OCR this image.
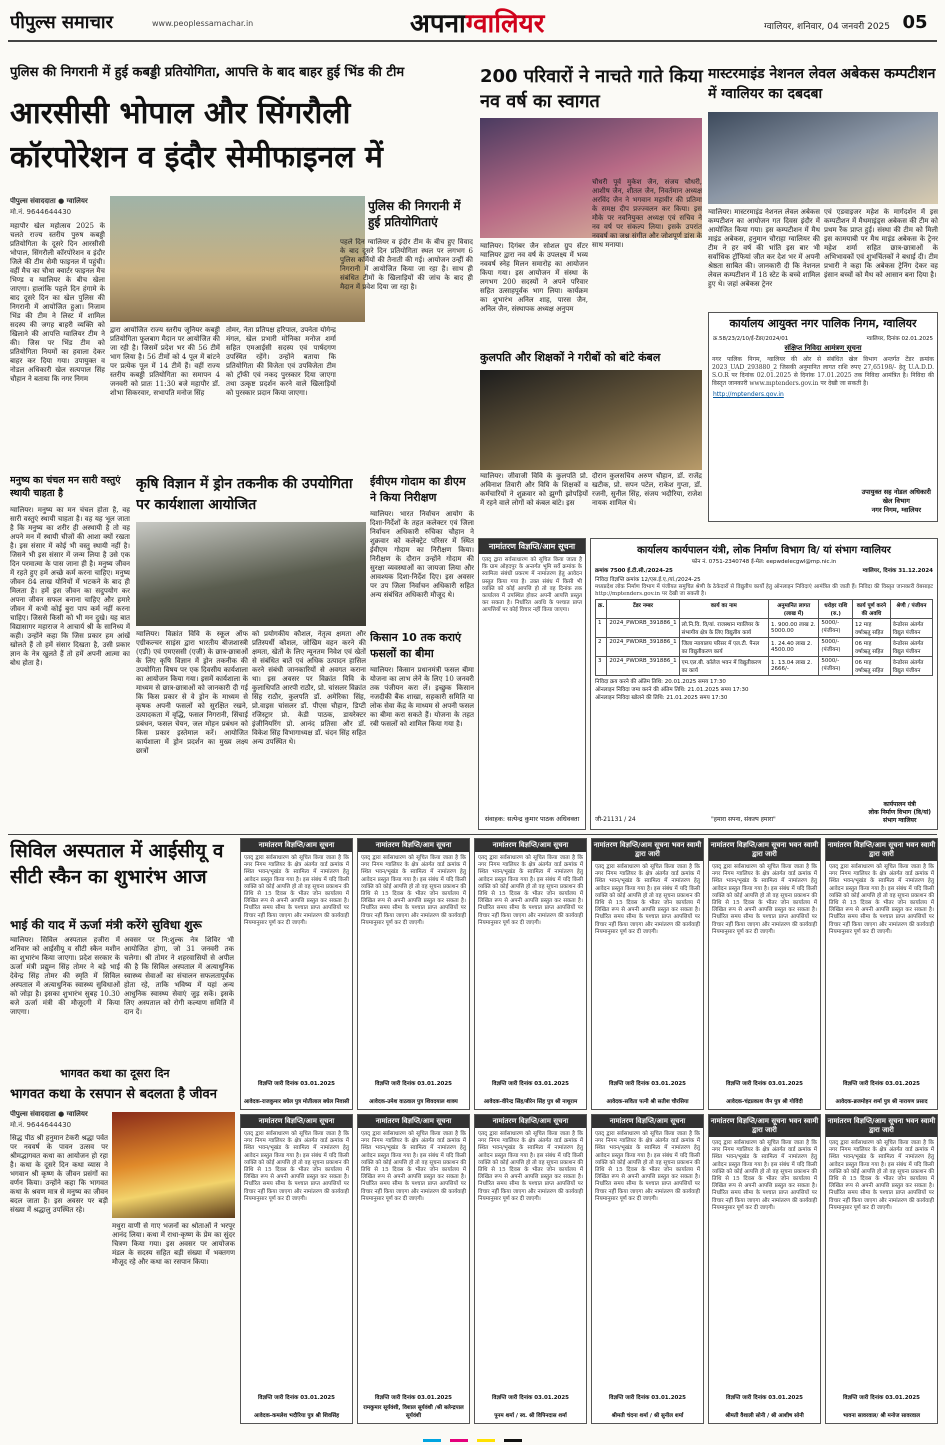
पीपुल्स समाचार	www.peoplessamachar.in	अपनाग्वालियर	ग्वालियर, शनिवार, 04 जनवरी 2025 05
पुलिस की निगरानी में हुई कबड्डी प्रतियोगिता, आपत्ति के बाद बाहर हुई भिंड की टीम
आरसीसी भोपाल और सिंगरौली कॉरपोरेशन व इंदौर सेमीफाइनल में
पीपुल्स संवाददाता ● ग्वालियर
मो.नं. 9644644430	पुलिस की निगरानी में हुई प्रतियोगिताएं
महापौर खेल महोत्सव 2025 के चलते राज्य स्तरीय पुरुष कबड्डी प्रतियोगिता के दूसरे दिन आरसीसी भोपाल, सिंगरौली कॉरपोरेशन व इंदौर जिले की टीम सेमी फाइनल में पहुंची। वहीं मैच का चौथा क्वार्टर फाइनल मैच भिण्ड व ग्वालियर के बीच खेला जाएगा। हालांकि पहले दिन हंगामे के बाद दूसरे दिन का खेल पुलिस की निगरानी में आयोजित हुआ। निजाम भिंड की टीम ने लिस्ट में शामिल सदस्य की जगह बाहरी व्यक्ति को खिलाने की आपत्ति ग्वालियर टीम ने की। जिस पर भिंड टीम को प्रतियोगिता नियमों का हवाला देकर बाहर कर दिया गया। उपायुक्त व नोडल अधिकारी खेल सत्यपाल सिंह चौहान ने बताया कि नगर निगम
द्वारा आयोजित राज्य स्तरीय जूनियर कबड्डी प्रतियोगिता फूलबाग मैदान पर आयोजित की जा रही है। जिसमें प्रदेश भर की 56 टीमें भाग लिया है। 56 टीमों को 4 पूल में बांटने पर प्रत्येक पूल में 14 टीमें हैं। वहीं राज्य स्तरीय कबड्डी प्रतियोगिता का समापन 4 जनवरी को प्रातः 11:30 बजे महापौर डॉ. शोभा सिकरवार, सभापति मनोज सिंह
तोमर, नेता प्रतिपक्ष हरिपाल, उपनेता योगेन्द्र मंगल, खेल प्रभारी मोनिका मनोज शर्मा सहित एमआईसी सदस्य एवं पार्षदगण उपस्थित रहेंगे। उन्होंने बताया कि प्रतियोगिता की विजेता एवं उपविजेता टीम को ट्रॉफी एवं नकद पुरस्कार दिया जाएगा तथा उत्कृष्ट प्रदर्शन करने वाले खिलाड़ियों को पुरस्कार प्रदान किया जाएगा।
पहले दिन ग्वालियर व इंदौर टीम के बीच हुए विवाद के बाद दूसरे दिन प्रतियोगिता स्थल पर लगभग 6 पुलिस कर्मियों की तैनाती की गई। आयोजन उन्हीं की निगरानी में आयोजित किया जा रहा है। साथ ही संबंधित टीमों के खिलाड़ियों की जांच के बाद ही मैदान में प्रवेश दिया जा रहा है।
200 परिवारों ने नाचते गाते किया नव वर्ष का स्वागत
ग्वालियर। दिगंबर जैन सोशल ग्रुप सेंटर ग्वालियर द्वारा नव वर्ष के उपलक्ष्य में भव्य नववर्ष स्नेह मिलन समारोह का आयोजन किया गया। इस आयोजन में संस्था के लगभग 200 सदस्यों ने अपने परिवार सहित उत्साहपूर्वक भाग लिया। कार्यक्रम का शुभारंभ अनिल शाह, पारस जैन, अनिल जैन, संस्थापक अध्यक्ष अनुपम
चौधरी पूर्व मुकेश जैन, संजय चौधरी, आशीष जैन, शीतल जैन, निवर्तमान अध्यक्ष अरविंद जैन ने भगवान महावीर की प्रतिमा के समक्ष दीप प्रज्ज्वलन कर किया। इस मौके पर नवनियुक्त अध्यक्ष एवं सचिव ने नव वर्ष पर संकल्प लिया। इसके उपरांत नववर्ष का जश्न संगीत और जोशपूर्ण डांस के साथ मनाया।
कुलपति और शिक्षकों ने गरीबों को बांटे कंबल
ग्वालियर। जीवाजी विवि के कुलपति प्रो. अविनाश तिवारी और विवि के शिक्षकों व कर्मचारियों ने शुक्रवार को झुग्गी झोपड़ियों में रहने वाले लोगों को कंबल बांटे। इस
दौरान कुलसचिव अरुण चौहान, डॉ. राजेंद्र खटीक, प्रो. सपन पटेल, राकेश गुप्ता, डॉ. रजनी, सुनील सिंह, संजय भदौरिया, राजेश नायक शामिल थे।
मास्टरमाइंड नेशनल लेवल अबेकस कम्पटीशन में ग्वालियर का दबदबा
ग्वालियर। मास्टरमाइंड नेशनल लेवल अबेकस कम्पटीशन का आयोजन गत दिवस इंदौर में आयोजित किया गया। इस कम्पटीशन में मैथ माइंड अबेकस, हनुमान चौराहा ग्वालियर की टीम ने हर वर्ष की भांति इस बार भी सर्वाधिक ट्रॉफियां जीत कर देश भर में अपनी श्रेष्ठता साबित की। जानकारी दी कि नेशनल लेवल कम्पटीशन में 18 स्टेट के बच्चे शामिल हुए थे। जहां अबेकस ट्रेनर
एवं एडवाइजर महेश के मार्गदर्शन में इस कम्पटीशन में मैथमाइंड्स अबेकस की टीम को प्रथम रैंक प्राप्त हुई। संस्था की टीम को मिली इस कामयाबी पर मैथ माइंड अबेकस के ट्रेनर महेश शर्मा सहित छात्र-छात्राओं के अभिभावकों एवं शुभचिंतकों ने बधाई दी। टीम प्रभारी ने कहा कि अबेकस ट्रेनिंग देकर वह इंसान बच्चों को मैथ को आसान बना दिया है।
कार्यालय आयुक्त नगर पालिक निगम, ग्वालियर
क्र.58/23/2/10/ई-टेंडर/2024/01	ग्वालियर, दिनांक 02.01.2025
संक्षिप्त निविदा आमंत्रण सूचना
नगर पालिक निगम, ग्वालियर की ओर से संबंधित खेल विभाग अन्तर्गत टेंडर क्रमांक 2023_UAD_293880_2 जिसकी अनुमानित लागत राशि रुपए 27,65198/- हेतु U.A.D.D. S.O.R पर दिनांक 02.01.2025 से दिनांक 17.01.2025 तक निविदा आमंत्रित है। निविदा की विस्तृत जानकारी www.mptenders.gov.in पर देखी जा सकती है।
http://mptenders.gov.in
उपायुक्त सह नोडल अधिकारी
खेल विभाग
नगर निगम, ग्वालियर
मनुष्य का चंचल मन सारी वस्तुएं स्थायी चाहता है
ग्वालियर। मनुष्य का मन चंचल होता है, वह सारी वस्तुएं स्थायी चाहता है। वह यह भूल जाता है कि मनुष्य का शरीर ही अस्थायी है तो वह अपने मन में स्थायी चीजों की आशा क्यों रखता है। इस संसार में कोई भी वस्तु स्थायी नहीं है। जिसने भी इस संसार में जन्म लिया है उसे एक दिन परमात्मा के पास जाना ही है। मनुष्य जीवन में रहते हुए हमें अच्छे कर्म करना चाहिए। मनुष्य जीवन 84 लाख योनियों में भटकने के बाद ही मिलता है। हमें इस जीवन का सदुपयोग कर अपना जीवन सफल बनाना चाहिए और हमारे जीवन में कभी कोई बुरा पाप कर्म नहीं करना चाहिए। जिससे किसी को भी मन दुखे। यह बात विद्यासागर महाराज ने आचार्य श्री के सानिध्य में कही। उन्होंने कहा कि जिस प्रकार हम आंखें खोलते हैं तो हमें संसार दिखता है, उसी प्रकार ज्ञान के नेत्र खुलते हैं तो हमें अपनी आत्मा का बोध होता है।
कृषि विज्ञान में ड्रोन तकनीक की उपयोगिता पर कार्यशाला आयोजित
ग्वालियर। विक्रांत विवि के स्कूल ऑफ एग्रीकल्चर साइंस द्वारा भारतीय बीजशास्त्री (एडी) एवं एमएससी (एजी) के छात्र-छात्राओं के लिए कृषि विज्ञान में ड्रोन तकनीक की उपयोगिता विषय पर एक दिवसीय कार्यशाला का आयोजन किया गया। इसमें कार्यशाला के माध्यम से छात्र-छात्राओं को जानकारी दी गई कि किस प्रकार से वे ड्रोन के माध्यम से कृषक अपनी फसलों को सुरक्षित रखने, उत्पादकता में वृद्धि, फसल निगरानी, सिंचाई प्रबंधन, फसल चेयन, जल मोहन प्रबंधन को किस प्रकार इस्तेमाल करें। आयोजित कार्यशाला में ड्रोन प्रदर्शन का मुख्य लक्ष्य छात्रों
को प्रयोगकीय कौशल, नेतृत्व क्षमता और प्रतिस्पर्धी कौशल, जोखिम वहन करने की क्षमता, खेतों के लिए न्यूनतम निवेश एवं खेतों से संबंधित बातें एवं अधिक उत्पादन हासिल करने संबंधी जानकारियों से अवगत कराना था। इस अवसर पर विक्रांत विवि के कुलाधिपति आरपी राठौर, प्रो. चांसलर विक्रांत सिंह राठौर, कुलपति डॉ. अमेरिका सिंह, प्रो.वाइस चांसलर डॉ. पीएस चौहान, डिप्टी रजिस्ट्रार प्रो. केडी पाठक, डायरेक्टर इंजीनियरिंग प्रो. आनंद प्रतिसा और डॉ. विकेश सिंह विभागाध्यक्ष डॉ. चंदन सिंह सहित अन्य उपस्थित थे।
ईवीएम गोदाम का डीएम ने किया निरीक्षण
ग्वालियर। भारत निर्वाचन आयोग के दिशा-निर्देशों के तहत कलेक्टर एवं जिला निर्वाचन अधिकारी रुचिका चौहान ने शुक्रवार को कलेक्ट्रेट परिसर में स्थित ईवीएम गोदाम का निरीक्षण किया। निरीक्षण के दौरान उन्होंने गोदाम की सुरक्षा व्यवस्थाओं का जायजा लिया और आवश्यक दिशा-निर्देश दिए। इस अवसर पर उप जिला निर्वाचन अधिकारी सहित अन्य संबंधित अधिकारी मौजूद थे।
किसान 10 तक कराएं फसलों का बीमा
ग्वालियर। किसान प्रधानमंत्री फसल बीमा योजना का लाभ लेने के लिए 10 जनवरी तक पंजीयन करा लें। इच्छुक किसान नजदीकी बैंक शाखा, सहकारी समिति या लोक सेवा केंद्र के माध्यम से अपनी फसल का बीमा करा सकते हैं। योजना के तहत रबी फसलों को शामिल किया गया है।
नामांतरण विज्ञप्ति/आम सूचना
एतद् द्वारा सर्वसाधारण को सूचित किया जाता है कि ग्राम ओहदपुर के अन्तर्गत भूमि सर्वे क्रमांक के स्वामित्व संबंधी प्रकरण में नामांतरण हेतु आवेदन प्रस्तुत किया गया है। उक्त संबंध में किसी भी व्यक्ति को कोई आपत्ति हो तो वह दिनांक तक कार्यालय में उपस्थित होकर अपनी आपत्ति प्रस्तुत कर सकता है। निर्धारित अवधि के पश्चात प्राप्त आपत्तियों पर कोई विचार नहीं किया जाएगा।
संवाहक: सत्येन्द्र कुमार पाठक अधिवक्ता
कार्यालय कार्यपालन यंत्री, लोक निर्माण विभाग वि/ यां संभाग ग्वालियर
फोन नं. 0751-2340748 ई-मेल: eepwdelecgwl@mp.nic.in
क्रमांक 7500 ई.टी.सी./2024-25	ग्वालियर, दिनांक 31.12.2024
निविदा विज्ञप्ति क्रमांक 12/एस.ई.ए./यां./2024-25
मध्यप्रदेश लोक निर्माण विभाग में पंजीयत समुचित श्रेणी के ठेकेदारों से विद्युतीय कार्यों हेतु ऑनलाइन निविदाएं आमंत्रित की जाती हैं। निविदा की विस्तृत जानकारी वेबसाइट http://mptenders.gov.in पर देखी जा सकती है।
क्र.	टेंडर नम्बर	कार्य का नाम	अनुमानित लागत (लाख में)	धरोहर राशि (रु.)	कार्य पूर्ण करने की अवधि	श्रेणी / पंजीयन
1	2024_PWDRB_391886_1	लो.नि.वि. वि/यां. राजस्थान ग्वालियर के संभागीय क्षेत्र के लिए विद्युतीय कार्य	1. 900.00 लाख 2. 5000.00	5000/- (पंजीयन)	12 माह वर्षाऋतु सहित	वेन्डोरस अंतर्गत विद्युत पंजीयन
2	2024_PWDRB_391886_1	जिला न्यायालय परिसर में एल.टी. पैनल का विद्युतीकरण कार्य	1. 24.40 लाख 2. 4500.00	5000/- (पंजीयन)	06 माह वर्षाऋतु सहित	वेन्डोरस अंतर्गत विद्युत पंजीयन
3	2024_PWDRB_391886_1	एम.एल.बी. कॉलेज भवन में विद्युतीकरण का कार्य	1. 13.04 लाख 2. 2666/-	5000/- (पंजीयन)	06 माह वर्षाऋतु सहित	वेन्डोरस अंतर्गत विद्युत पंजीयन
निविदा क्रय करने की अंतिम तिथि: 20.01.2025 समय 17:30
ऑनलाइन निविदा जमा करने की अंतिम तिथि: 21.01.2025 समय 17:30
ऑनलाइन निविदा खोलने की तिथि: 21.01.2025 समय 17:30
जी-21131 / 24	"हमारा सपना, संकल्प हमारा"
कार्यपालन यंत्री
लोक निर्माण विभाग (वि/यां)
संभाग ग्वालियर
सिविल अस्पताल में आईसीयू व सीटी स्कैन का शुभारंभ आज
भाई की याद में ऊर्जा मंत्री करेंगे सुविधा शुरू
ग्वालियर। सिविल अस्पताल हजीरा में शनिवार को आईसीयू व सीटी स्कैन मशीन का शुभारंभ किया जाएगा। प्रदेश सरकार के ऊर्जा मंत्री प्रद्युम्न सिंह तोमर ने बड़े भाई देवेन्द्र सिंह तोमर की स्मृति में सिविल अस्पताल में अत्याधुनिक स्वास्थ्य सुविधाओं को जोड़ा है। इसका शुभारंभ सुबह 10.30 बजे ऊर्जा मंत्री की मौजूदगी में किया जाएगा।
अवसर पर नि:शुल्क नेत्र शिविर भी आयोजित होगा, जो 31 जनवरी तक चलेगा। श्री तोमर ने शहरवासियों से अपील की है कि सिविल अस्पताल में अत्याधुनिक स्वास्थ्य सेवाओं का संचालन सफलतापूर्वक होता रहे, ताकि भविष्य में यहां अन्य आधुनिक स्वास्थ्य सेवाएं जुड़ सकें। इसके लिए अस्पताल को रोगी कल्याण समिति में दान दें।
भागवत कथा का दूसरा दिन
भागवत कथा के रसपान से बदलता है जीवन
पीपुल्स संवाददाता ● ग्वालियर
मो.नं. 9644644430
सिद्ध पीठ श्री हनुमान टेकरी श्रद्धा पर्वत पर नववर्ष के पावन उत्सव पर श्रीमद्भागवत कथा का आयोजन हो रहा है। कथा के दूसरे दिन कथा व्यास ने भगवान श्री कृष्ण के जीवन प्रसंगों का वर्णन किया। उन्होंने कहा कि भागवत कथा के श्रवण मात्र से मनुष्य का जीवन बदल जाता है। इस अवसर पर बड़ी संख्या में श्रद्धालु उपस्थित रहे।
मथुरा वाणी से गाए भजनों का श्रोताओं ने भरपूर आनंद लिया। कथा में राधा-कृष्ण के प्रेम का सुंदर चित्रण किया गया। इस अवसर पर आयोजक मंडल के सदस्य सहित बड़ी संख्या में भक्तगण मौजूद रहे और कथा का रसपान किया।
नामांतरण विज्ञप्ति/आम सूचना
एतद् द्वारा सर्वसाधारण को सूचित किया जाता है कि नगर निगम ग्वालियर के क्षेत्र अंतर्गत वार्ड क्रमांक में स्थित भवन/भूखंड के स्वामित्व में नामांतरण हेतु आवेदन प्रस्तुत किया गया है। इस संबंध में यदि किसी व्यक्ति को कोई आपत्ति हो तो वह सूचना प्रकाशन की तिथि से 15 दिवस के भीतर जोन कार्यालय में लिखित रूप से अपनी आपत्ति प्रस्तुत कर सकता है। निर्धारित समय सीमा के पश्चात प्राप्त आपत्तियों पर विचार नहीं किया जाएगा और नामांतरण की कार्यवाही नियमानुसार पूर्ण कर दी जाएगी।
विज्ञप्ति जारी दिनांक 03.01.2025
आवेदक-राजकुमार बघेल पुत्र मोतीलाल बघेल निवासी
नामांतरण विज्ञप्ति/आम सूचना
एतद् द्वारा सर्वसाधारण को सूचित किया जाता है कि नगर निगम ग्वालियर के क्षेत्र अंतर्गत वार्ड क्रमांक में स्थित भवन/भूखंड के स्वामित्व में नामांतरण हेतु आवेदन प्रस्तुत किया गया है। इस संबंध में यदि किसी व्यक्ति को कोई आपत्ति हो तो वह सूचना प्रकाशन की तिथि से 15 दिवस के भीतर जोन कार्यालय में लिखित रूप से अपनी आपत्ति प्रस्तुत कर सकता है। निर्धारित समय सीमा के पश्चात प्राप्त आपत्तियों पर विचार नहीं किया जाएगा और नामांतरण की कार्यवाही नियमानुसार पूर्ण कर दी जाएगी।
विज्ञप्ति जारी दिनांक 03.01.2025
आवेदक-उमेश वाठवाल पुत्र शिवदयाल शाक्य
नामांतरण विज्ञप्ति/आम सूचना
एतद् द्वारा सर्वसाधारण को सूचित किया जाता है कि नगर निगम ग्वालियर के क्षेत्र अंतर्गत वार्ड क्रमांक में स्थित भवन/भूखंड के स्वामित्व में नामांतरण हेतु आवेदन प्रस्तुत किया गया है। इस संबंध में यदि किसी व्यक्ति को कोई आपत्ति हो तो वह सूचना प्रकाशन की तिथि से 15 दिवस के भीतर जोन कार्यालय में लिखित रूप से अपनी आपत्ति प्रस्तुत कर सकता है। निर्धारित समय सीमा के पश्चात प्राप्त आपत्तियों पर विचार नहीं किया जाएगा और नामांतरण की कार्यवाही नियमानुसार पूर्ण कर दी जाएगी।
विज्ञप्ति जारी दिनांक 03.01.2025
आवेदक-वीरेन्द्र सिंह/बीरेन सिंह पुत्र श्री नाथूराम
नामांतरण विज्ञप्ति/आम सूचना भवन स्वामी द्वारा जारी
एतद् द्वारा सर्वसाधारण को सूचित किया जाता है कि नगर निगम ग्वालियर के क्षेत्र अंतर्गत वार्ड क्रमांक में स्थित भवन/भूखंड के स्वामित्व में नामांतरण हेतु आवेदन प्रस्तुत किया गया है। इस संबंध में यदि किसी व्यक्ति को कोई आपत्ति हो तो वह सूचना प्रकाशन की तिथि से 15 दिवस के भीतर जोन कार्यालय में लिखित रूप से अपनी आपत्ति प्रस्तुत कर सकता है। निर्धारित समय सीमा के पश्चात प्राप्त आपत्तियों पर विचार नहीं किया जाएगा और नामांतरण की कार्यवाही नियमानुसार पूर्ण कर दी जाएगी।
विज्ञप्ति जारी दिनांक 03.01.2025
आवेदक-सविता पत्नी श्री सतीश चौरसिया
नामांतरण विज्ञप्ति/आम सूचना भवन स्वामी द्वारा जारी
एतद् द्वारा सर्वसाधारण को सूचित किया जाता है कि नगर निगम ग्वालियर के क्षेत्र अंतर्गत वार्ड क्रमांक में स्थित भवन/भूखंड के स्वामित्व में नामांतरण हेतु आवेदन प्रस्तुत किया गया है। इस संबंध में यदि किसी व्यक्ति को कोई आपत्ति हो तो वह सूचना प्रकाशन की तिथि से 15 दिवस के भीतर जोन कार्यालय में लिखित रूप से अपनी आपत्ति प्रस्तुत कर सकता है। निर्धारित समय सीमा के पश्चात प्राप्त आपत्तियों पर विचार नहीं किया जाएगा और नामांतरण की कार्यवाही नियमानुसार पूर्ण कर दी जाएगी।
विज्ञप्ति जारी दिनांक 03.01.2025
आवेदक-चंद्रप्रकाश जैन पुत्र श्री गोविंदी
नामांतरण विज्ञप्ति/आम सूचना भवन स्वामी द्वारा जारी
एतद् द्वारा सर्वसाधारण को सूचित किया जाता है कि नगर निगम ग्वालियर के क्षेत्र अंतर्गत वार्ड क्रमांक में स्थित भवन/भूखंड के स्वामित्व में नामांतरण हेतु आवेदन प्रस्तुत किया गया है। इस संबंध में यदि किसी व्यक्ति को कोई आपत्ति हो तो वह सूचना प्रकाशन की तिथि से 15 दिवस के भीतर जोन कार्यालय में लिखित रूप से अपनी आपत्ति प्रस्तुत कर सकता है। निर्धारित समय सीमा के पश्चात प्राप्त आपत्तियों पर विचार नहीं किया जाएगा और नामांतरण की कार्यवाही नियमानुसार पूर्ण कर दी जाएगी।
विज्ञप्ति जारी दिनांक 03.01.2025
आवेदक-ब्रजमोहन शर्मा पुत्र श्री नारायण प्रसाद
नामांतरण विज्ञप्ति/आम सूचना
एतद् द्वारा सर्वसाधारण को सूचित किया जाता है कि नगर निगम ग्वालियर के क्षेत्र अंतर्गत वार्ड क्रमांक में स्थित भवन/भूखंड के स्वामित्व में नामांतरण हेतु आवेदन प्रस्तुत किया गया है। इस संबंध में यदि किसी व्यक्ति को कोई आपत्ति हो तो वह सूचना प्रकाशन की तिथि से 15 दिवस के भीतर जोन कार्यालय में लिखित रूप से अपनी आपत्ति प्रस्तुत कर सकता है। निर्धारित समय सीमा के पश्चात प्राप्त आपत्तियों पर विचार नहीं किया जाएगा और नामांतरण की कार्यवाही नियमानुसार पूर्ण कर दी जाएगी।
विज्ञप्ति जारी दिनांक 03.01.2025
आवेदक-कमलेश भदौरिया पुत्र श्री शिवसिंह
नामांतरण विज्ञप्ति/आम सूचना
एतद् द्वारा सर्वसाधारण को सूचित किया जाता है कि नगर निगम ग्वालियर के क्षेत्र अंतर्गत वार्ड क्रमांक में स्थित भवन/भूखंड के स्वामित्व में नामांतरण हेतु आवेदन प्रस्तुत किया गया है। इस संबंध में यदि किसी व्यक्ति को कोई आपत्ति हो तो वह सूचना प्रकाशन की तिथि से 15 दिवस के भीतर जोन कार्यालय में लिखित रूप से अपनी आपत्ति प्रस्तुत कर सकता है। निर्धारित समय सीमा के पश्चात प्राप्त आपत्तियों पर विचार नहीं किया जाएगा और नामांतरण की कार्यवाही नियमानुसार पूर्ण कर दी जाएगी।
विज्ञप्ति जारी दिनांक 03.01.2025
रामकुमार सूर्यवंशी, विशाल सूर्यवंशी /श्री बलेन्द्रपाल सूर्यवंशी
नामांतरण विज्ञप्ति/आम सूचना
एतद् द्वारा सर्वसाधारण को सूचित किया जाता है कि नगर निगम ग्वालियर के क्षेत्र अंतर्गत वार्ड क्रमांक में स्थित भवन/भूखंड के स्वामित्व में नामांतरण हेतु आवेदन प्रस्तुत किया गया है। इस संबंध में यदि किसी व्यक्ति को कोई आपत्ति हो तो वह सूचना प्रकाशन की तिथि से 15 दिवस के भीतर जोन कार्यालय में लिखित रूप से अपनी आपत्ति प्रस्तुत कर सकता है। निर्धारित समय सीमा के पश्चात प्राप्त आपत्तियों पर विचार नहीं किया जाएगा और नामांतरण की कार्यवाही नियमानुसार पूर्ण कर दी जाएगी।
विज्ञप्ति जारी दिनांक 03.01.2025
पूनम शर्मा / स्व. श्री विपिनदास शर्मा
नामांतरण विज्ञप्ति/आम सूचना
एतद् द्वारा सर्वसाधारण को सूचित किया जाता है कि नगर निगम ग्वालियर के क्षेत्र अंतर्गत वार्ड क्रमांक में स्थित भवन/भूखंड के स्वामित्व में नामांतरण हेतु आवेदन प्रस्तुत किया गया है। इस संबंध में यदि किसी व्यक्ति को कोई आपत्ति हो तो वह सूचना प्रकाशन की तिथि से 15 दिवस के भीतर जोन कार्यालय में लिखित रूप से अपनी आपत्ति प्रस्तुत कर सकता है। निर्धारित समय सीमा के पश्चात प्राप्त आपत्तियों पर विचार नहीं किया जाएगा और नामांतरण की कार्यवाही नियमानुसार पूर्ण कर दी जाएगी।
विज्ञप्ति जारी दिनांक 03.01.2025
श्रीमती चंदना शर्मा / श्री सुनील शर्मा
नामांतरण विज्ञप्ति/आम सूचना भवन स्वामी द्वारा जारी
एतद् द्वारा सर्वसाधारण को सूचित किया जाता है कि नगर निगम ग्वालियर के क्षेत्र अंतर्गत वार्ड क्रमांक में स्थित भवन/भूखंड के स्वामित्व में नामांतरण हेतु आवेदन प्रस्तुत किया गया है। इस संबंध में यदि किसी व्यक्ति को कोई आपत्ति हो तो वह सूचना प्रकाशन की तिथि से 15 दिवस के भीतर जोन कार्यालय में लिखित रूप से अपनी आपत्ति प्रस्तुत कर सकता है। निर्धारित समय सीमा के पश्चात प्राप्त आपत्तियों पर विचार नहीं किया जाएगा और नामांतरण की कार्यवाही नियमानुसार पूर्ण कर दी जाएगी।
विज्ञप्ति जारी दिनांक 03.01.2025
श्रीमती वैशाली सोनी / श्री आशीष सोनी
नामांतरण विज्ञप्ति/आम सूचना भवन स्वामी द्वारा जारी
एतद् द्वारा सर्वसाधारण को सूचित किया जाता है कि नगर निगम ग्वालियर के क्षेत्र अंतर्गत वार्ड क्रमांक में स्थित भवन/भूखंड के स्वामित्व में नामांतरण हेतु आवेदन प्रस्तुत किया गया है। इस संबंध में यदि किसी व्यक्ति को कोई आपत्ति हो तो वह सूचना प्रकाशन की तिथि से 15 दिवस के भीतर जोन कार्यालय में लिखित रूप से अपनी आपत्ति प्रस्तुत कर सकता है। निर्धारित समय सीमा के पश्चात प्राप्त आपत्तियों पर विचार नहीं किया जाएगा और नामांतरण की कार्यवाही नियमानुसार पूर्ण कर दी जाएगी।
विज्ञप्ति जारी दिनांक 03.01.2025
भावना सावरवाल/ श्री मनोज सावरवाल
